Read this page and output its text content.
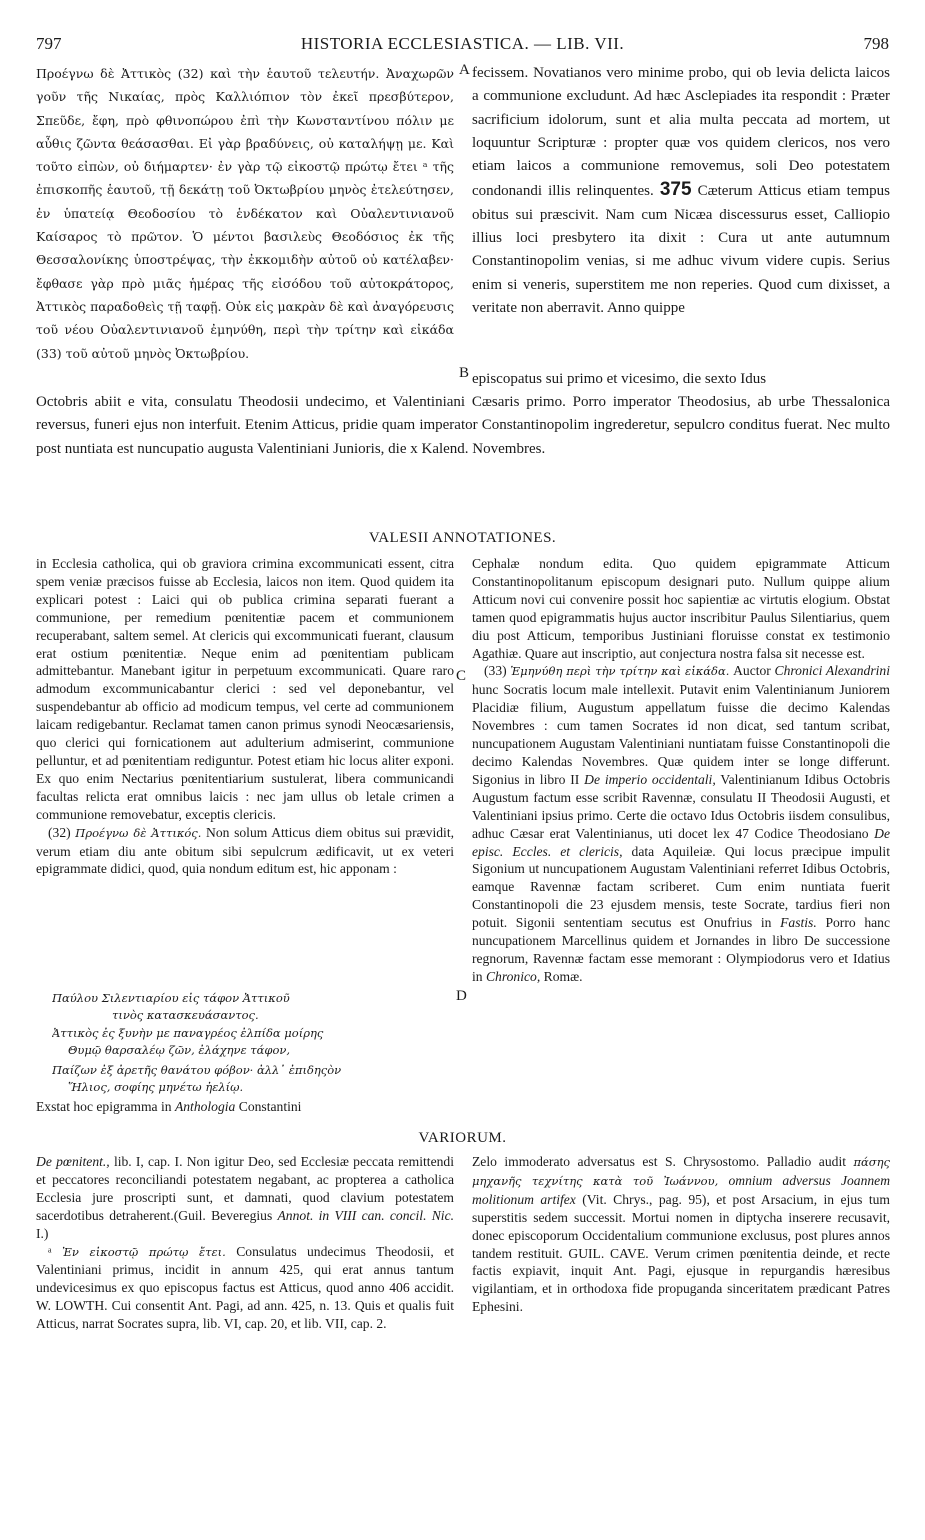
797	HISTORIA ECCLESIASTICA. — LIB. VII.	798

Προέγνω δὲ Ἀττικὸς (32) καὶ τὴν ἑαυτοῦ τελευτήν. Ἀναχωρῶν γοῦν τῆς Νικαίας, πρὸς Καλλιόπιον τὸν ἐκεῖ πρεσβύτερον, Σπεῦδε, ἔφη, πρὸ φθινοπώρου ἐπὶ τὴν Κωνσταντίνου πόλιν με αὖθις ζῶντα θεάσασθαι. Εἰ γὰρ βραδύνεις, οὐ καταλήψῃ με. Καὶ τοῦτο εἰπὼν, οὐ διήμαρτεν· ἐν γὰρ τῷ εἰκοστῷ πρώτῳ ἔτει ᵃ τῆς ἐπισκοπῆς ἑαυτοῦ, τῇ δεκάτῃ τοῦ Ὀκτωβρίου μηνὸς ἐτελεύτησεν, ἐν ὑπατείᾳ Θεοδοσίου τὸ ἑνδέκατον καὶ Οὐαλεντινιανοῦ Καίσαρος τὸ πρῶτον. Ὁ μέντοι βασιλεὺς Θεοδόσιος ἐκ τῆς Θεσσαλονίκης ὑποστρέψας, τὴν ἐκκομιδὴν αὐτοῦ οὐ κατέλαβεν· ἔφθασε γὰρ πρὸ μιᾶς ἡμέρας τῆς εἰσόδου τοῦ αὐτοκράτορος, Ἀττικὸς παραδοθεὶς τῇ ταφῇ. Οὐκ εἰς μακρὰν δὲ καὶ ἀναγόρευσις τοῦ νέου Οὐαλεντινιανοῦ ἐμηνύθη, περὶ τὴν τρίτην καὶ εἰκάδα (33) τοῦ αὐτοῦ μηνὸς Ὀκτωβρίου.

A
B

fecissem. Novatianos vero minime probo, qui ob levia delicta laicos a communione excludunt. Ad hæc Asclepiades ita respondit : Præter sacrificium idolorum, sunt et alia multa peccata ad mortem, ut loquuntur Scripturæ : propter quæ vos quidem clericos, nos vero etiam laicos a communione removemus, soli Deo potestatem condonandi illis relinquentes. 375 Cæterum Atticus etiam tempus obitus sui præscivit. Nam cum Nicæa discessurus esset, Calliopio illius loci presbytero ita dixit : Cura ut ante autumnum Constantinopolim venias, si me adhuc vivum videre cupis. Serius enim si veneris, superstitem me non reperies. Quod cum dixisset, a veritate non aberravit. Anno quippe

episcopatus sui primo et vicesimo, die sexto Idus

Octobris abiit e vita, consulatu Theodosii undecimo, et Valentiniani Cæsaris primo. Porro imperator Theodosius, ab urbe Thessalonica reversus, funeri ejus non interfuit. Etenim Atticus, pridie quam imperator Constantinopolim ingrederetur, sepulcro conditus fuerat. Nec multo post nuntiata est nuncupatio augusta Valentiniani Junioris, die x Kalend. Novembres.

VALESII ANNOTATIONES.

in Ecclesia catholica, qui ob graviora crimina excommunicati essent, citra spem veniæ præcisos fuisse ab Ecclesia, laicos non item. Quod quidem ita explicari potest : Laici qui ob publica crimina separati fuerant a communione, per remedium pœnitentiæ pacem et communionem recuperabant, saltem semel. At clericis qui excommunicati fuerant, clausum erat ostium pœnitentiæ. Neque enim ad pœnitentiam publicam admittebantur. Manebant igitur in perpetuum excommunicati. Quare raro admodum excommunicabantur clerici : sed vel deponebantur, vel suspendebantur ab officio ad modicum tempus, vel certe ad communionem laicam redigebantur. Reclamat tamen canon primus synodi Neocæsariensis, quo clerici qui fornicationem aut adulterium admiserint, communione pelluntur, et ad pœnitentiam rediguntur. Potest etiam hic locus aliter exponi. Ex quo enim Nectarius pœnitentiarium sustulerat, libera communicandi facultas relicta erat omnibus laicis : nec jam ullus ob letale crimen a communione removebatur, exceptis clericis.

(32) Προέγνω δὲ Ἀττικός. Non solum Atticus diem obitus sui prævidit, verum etiam diu ante obitum sibi sepulcrum ædificavit, ut ex veteri epigrammate didici, quod, quia nondum editum est, hic apponam :

Παύλου Σιλεντιαρίου εἰς τάφον Ἀττικοῦ

τινὸς κατασκευάσαντος.

Ἀττικὸς ἐς ξυνὴν με παναγρέος ἐλπίδα μοίρης

Θυμῷ θαρσαλέῳ ζῶν, ἐλάχηνε τάφον,

Παίζων ἐξ ἀρετῆς θανάτου φόβον· ἀλλ᾽ ἐπιδηςὸν

Ἥλιος, σοφίης μηνέτω ἠελίῳ.

Exstat hoc epigramma in Anthologia Constantini

C
D

Cephalæ nondum edita. Quo quidem epigrammate Atticum Constantinopolitanum episcopum designari puto. Nullum quippe alium Atticum novi cui convenire possit hoc sapientiæ ac virtutis elogium. Obstat tamen quod epigrammatis hujus auctor inscribitur Paulus Silentiarius, quem diu post Atticum, temporibus Justiniani floruisse constat ex testimonio Agathiæ. Quare aut inscriptio, aut conjectura nostra falsa sit necesse est.

(33) Ἐμηνύθη περὶ τὴν τρίτην καὶ εἰκάδα. Auctor Chronici Alexandrini hunc Socratis locum male intellexit. Putavit enim Valentinianum Juniorem Placidiæ filium, Augustum appellatum fuisse die decimo Kalendas Novembres : cum tamen Socrates id non dicat, sed tantum scribat, nuncupationem Augustam Valentiniani nuntiatam fuisse Constantinopoli die decimo Kalendas Novembres. Quæ quidem inter se longe differunt. Sigonius in libro II De imperio occidentali, Valentinianum Idibus Octobris Augustum factum esse scribit Ravennæ, consulatu II Theodosii Augusti, et Valentiniani ipsius primo. Certe die octavo Idus Octobris iisdem consulibus, adhuc Cæsar erat Valentinianus, uti docet lex 47 Codice Theodosiano De episc. Eccles. et clericis, data Aquileiæ. Qui locus præcipue impulit Sigonium ut nuncupationem Augustam Valentiniani referret Idibus Octobris, eamque Ravennæ factam scriberet. Cum enim nuntiata fuerit Constantinopoli die 23 ejusdem mensis, teste Socrate, tardius fieri non potuit. Sigonii sententiam secutus est Onufrius in Fastis. Porro hanc nuncupationem Marcellinus quidem et Jornandes in libro De successione regnorum, Ravennæ factam esse memorant : Olympiodorus vero et Idatius in Chronico, Romæ.

VARIORUM.

De pœnitent., lib. I, cap. I. Non igitur Deo, sed Ecclesiæ peccata remittendi et peccatores reconciliandi potestatem negabant, ac propterea a catholica Ecclesia jure proscripti sunt, et damnati, quod clavium potestatem sacerdotibus detraherent.(Guil. Beveregius Annot. in VIII can. concil. Nic. I.)

ᵃ Ἐν εἰκοστῷ πρώτῳ ἔτει. Consulatus undecimus Theodosii, et Valentiniani primus, incidit in annum 425, qui erat annus tantum undevicesimus ex quo episcopus factus est Atticus, quod anno 406 accidit. W. LOWTH. Cui consentit Ant. Pagi, ad ann. 425, n. 13. Quis et qualis fuit Atticus, narrat Socrates supra, lib. VI, cap. 20, et lib. VII, cap. 2.

Zelo immoderato adversatus est S. Chrysostomo. Palladio audit πάσης μηχανῆς τεχνίτης κατὰ τοῦ Ἰωάννου, omnium adversus Joannem molitionum artifex (Vit. Chrys., pag. 95), et post Arsacium, in ejus tum superstitis sedem successit. Mortui nomen in diptycha inserere recusavit, donec episcoporum Occidentalium communione exclusus, post plures annos tandem restituit. GUIL. CAVE. Verum crimen pœnitentia deinde, et recte factis expiavit, inquit Ant. Pagi, ejusque in repurgandis hæresibus vigilantiam, et in orthodoxa fide propuganda sinceritatem prædicant Patres Ephesini.
